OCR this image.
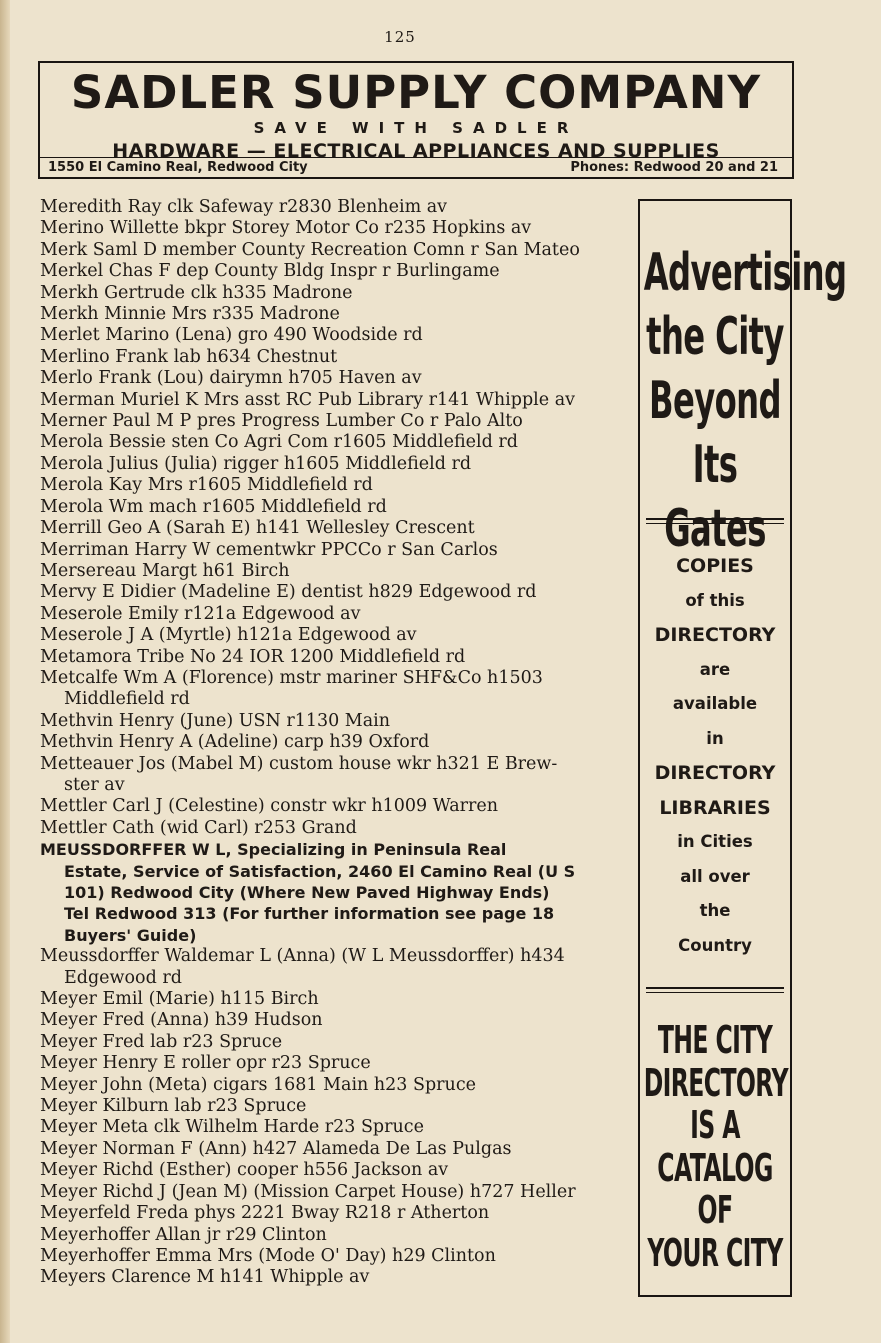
125
SADLER SUPPLY COMPANY
SAVE WITH SADLER
HARDWARE — ELECTRICAL APPLIANCES AND SUPPLIES
1550 El Camino Real, Redwood City	Phones: Redwood 20 and 21
Meredith Ray clk Safeway r2830 Blenheim av
Merino Willette bkpr Storey Motor Co r235 Hopkins av
Merk Saml D member County Recreation Comn r San Mateo
Merkel Chas F dep County Bldg Inspr r Burlingame
Merkh Gertrude clk h335 Madrone
Merkh Minnie Mrs r335 Madrone
Merlet Marino (Lena) gro 490 Woodside rd
Merlino Frank lab h634 Chestnut
Merlo Frank (Lou) dairymn h705 Haven av
Merman Muriel K Mrs asst RC Pub Library r141 Whipple av
Merner Paul M P pres Progress Lumber Co r Palo Alto
Merola Bessie sten Co Agri Com r1605 Middlefield rd
Merola Julius (Julia) rigger h1605 Middlefield rd
Merola Kay Mrs r1605 Middlefield rd
Merola Wm mach r1605 Middlefield rd
Merrill Geo A (Sarah E) h141 Wellesley Crescent
Merriman Harry W cementwkr PPCCo r San Carlos
Mersereau Margt h61 Birch
Mervy E Didier (Madeline E) dentist h829 Edgewood rd
Meserole Emily r121a Edgewood av
Meserole J A (Myrtle) h121a Edgewood av
Metamora Tribe No 24 IOR 1200 Middlefield rd
Metcalfe Wm A (Florence) mstr mariner SHF&Co h1503
Middlefield rd
Methvin Henry (June) USN r1130 Main
Methvin Henry A (Adeline) carp h39 Oxford
Metteauer Jos (Mabel M) custom house wkr h321 E Brew-
ster av
Mettler Carl J (Celestine) constr wkr h1009 Warren
Mettler Cath (wid Carl) r253 Grand
MEUSSDORFFER W L, Specializing in Peninsula Real
Estate, Service of Satisfaction, 2460 El Camino Real (U S
101) Redwood City (Where New Paved Highway Ends)
Tel Redwood 313 (For further information see page 18
Buyers' Guide)
Meussdorffer Waldemar L (Anna) (W L Meussdorffer) h434
Edgewood rd
Meyer Emil (Marie) h115 Birch
Meyer Fred (Anna) h39 Hudson
Meyer Fred lab r23 Spruce
Meyer Henry E roller opr r23 Spruce
Meyer John (Meta) cigars 1681 Main h23 Spruce
Meyer Kilburn lab r23 Spruce
Meyer Meta clk Wilhelm Harde r23 Spruce
Meyer Norman F (Ann) h427 Alameda De Las Pulgas
Meyer Richd (Esther) cooper h556 Jackson av
Meyer Richd J (Jean M) (Mission Carpet House) h727 Heller
Meyerfeld Freda phys 2221 Bway R218 r Atherton
Meyerhoffer Allan jr r29 Clinton
Meyerhoffer Emma Mrs (Mode O' Day) h29 Clinton
Meyers Clarence M h141 Whipple av
Advertising
the City
Beyond
Its Gates
COPIES
of this
DIRECTORY
are
available
in
DIRECTORY
LIBRARIES
in Cities
all over
the
Country
THE CITY
DIRECTORY
IS A
CATALOG
OF
YOUR CITY
